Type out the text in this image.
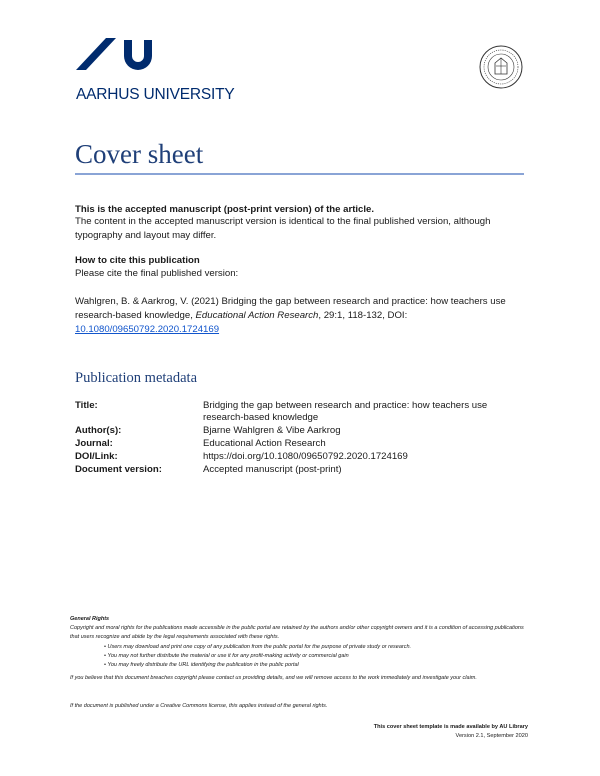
AARHUS UNIVERSITY
Cover sheet
This is the accepted manuscript (post-print version) of the article.
The content in the accepted manuscript version is identical to the final published version, although typography and layout may differ.
How to cite this publication
Please cite the final published version:
Wahlgren, B. & Aarkrog, V. (2021) Bridging the gap between research and practice: how teachers use research-based knowledge, Educational Action Research, 29:1, 118-132, DOI:
10.1080/09650792.2020.1724169
Publication metadata
Title:	Bridging the gap between research and practice: how teachers use research-based knowledge
Author(s):	Bjarne Wahlgren & Vibe Aarkrog
Journal:	Educational Action Research
DOI/Link:	https://doi.org/10.1080/09650792.2020.1724169
Document version:	Accepted manuscript (post-print)
General Rights
Copyright and moral rights for the publications made accessible in the public portal are retained by the authors and/or other copyright owners and it is a condition of accessing publications that users recognize and abide by the legal requirements associated with these rights.
• Users may download and print one copy of any publication from the public portal for the purpose of private study or research.
• You may not further distribute the material or use it for any profit-making activity or commercial gain
• You may freely distribute the URL identifying the publication in the public portal
If you believe that this document breaches copyright please contact us providing details, and we will remove access to the work immediately and investigate your claim.
If the document is published under a Creative Commons license, this applies instead of the general rights.
This cover sheet template is made available by AU Library
Version 2.1, September 2020
